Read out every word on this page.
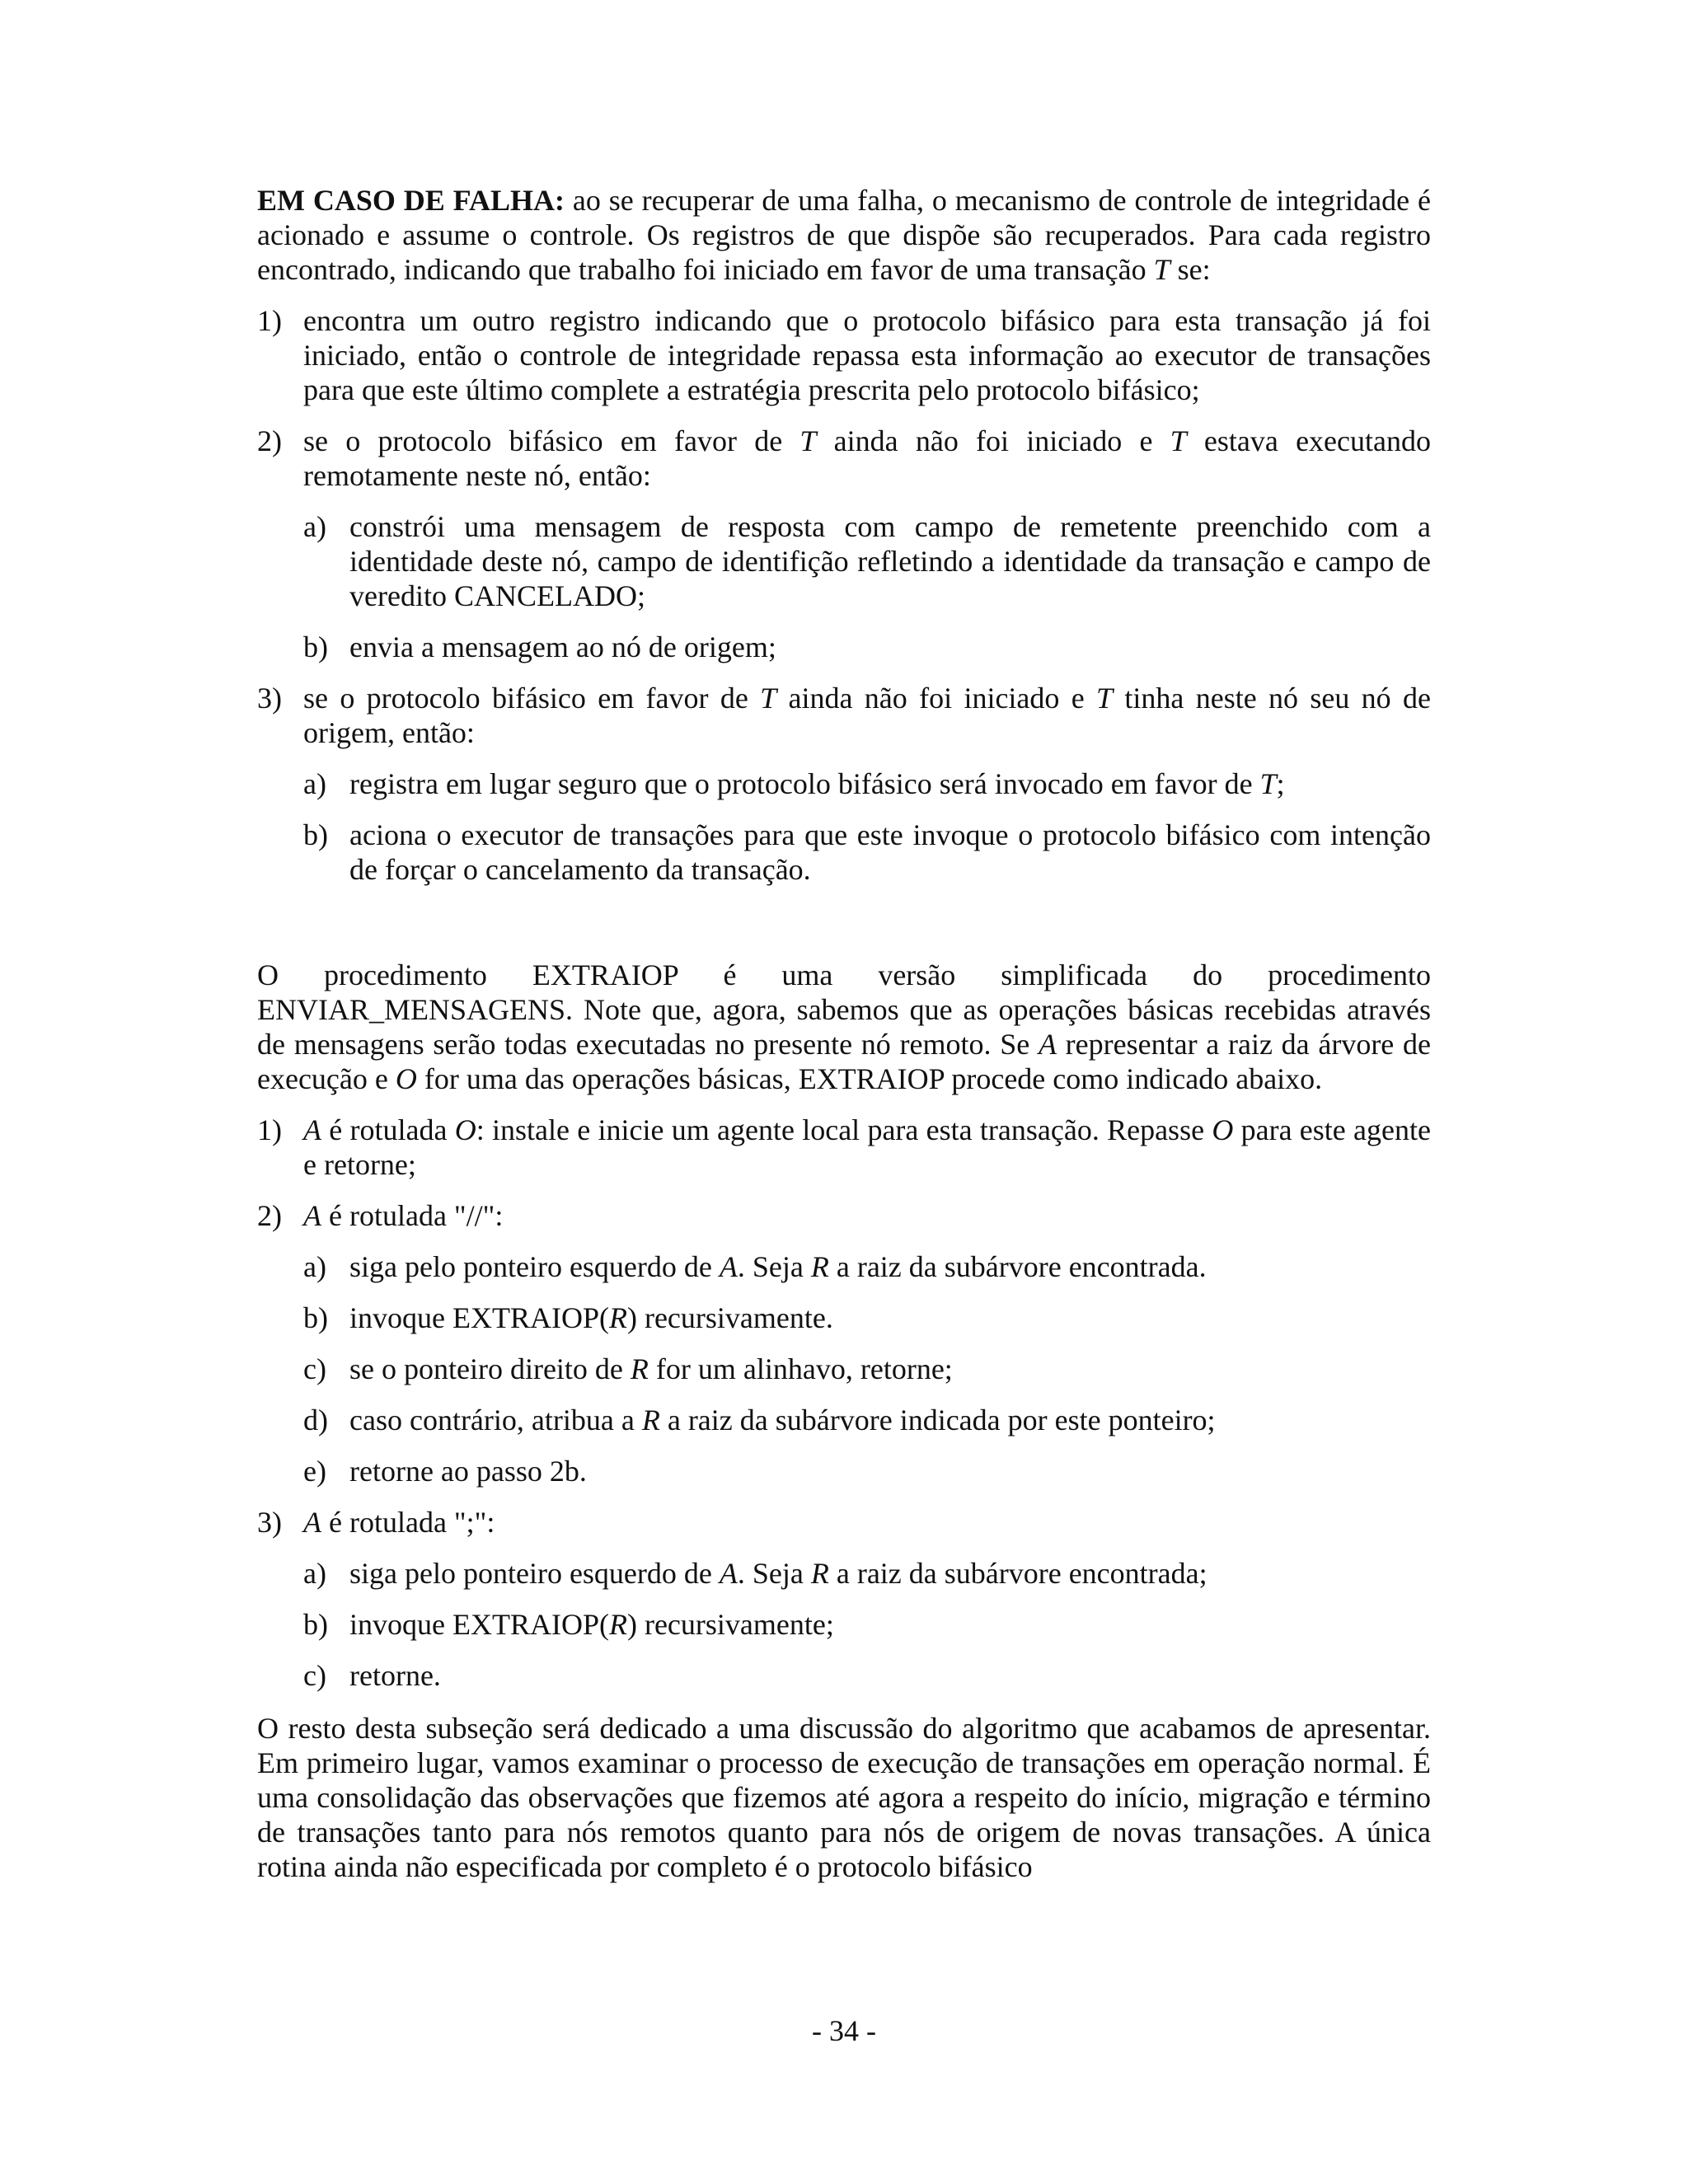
EM CASO DE FALHA: ao se recuperar de uma falha, o mecanismo de controle de integridade é acionado e assume o controle. Os registros de que dispõe são recuperados. Para cada registro encontrado, indicando que trabalho foi iniciado em favor de uma transação T se:

1) encontra um outro registro indicando que o protocolo bifásico para esta transação já foi iniciado, então o controle de integridade repassa esta informação ao executor de transações para que este último complete a estratégia prescrita pelo protocolo bifásico;
2) se o protocolo bifásico em favor de T ainda não foi iniciado e T estava executando remotamente neste nó, então:
a) constrói uma mensagem de resposta com campo de remetente preenchido com a identidade deste nó, campo de identifição refletindo a identidade da transação e campo de veredito CANCELADO;
b) envia a mensagem ao nó de origem;
3) se o protocolo bifásico em favor de T ainda não foi iniciado e T tinha neste nó seu nó de origem, então:
a) registra em lugar seguro que o protocolo bifásico será invocado em favor de T;
b) aciona o executor de transações para que este invoque o protocolo bifásico com intenção de forçar o cancelamento da transação.

O procedimento EXTRAIOP é uma versão simplificada do procedimento ENVIAR_MENSAGENS. Note que, agora, sabemos que as operações básicas recebidas através de mensagens serão todas executadas no presente nó remoto. Se A representar a raiz da árvore de execução e O for uma das operações básicas, EXTRAIOP procede como indicado abaixo.

1) A é rotulada O: instale e inicie um agente local para esta transação. Repasse O para este agente e retorne;
2) A é rotulada "//":
a) siga pelo ponteiro esquerdo de A. Seja R a raiz da subárvore encontrada.
b) invoque EXTRAIOP(R) recursivamente.
c) se o ponteiro direito de R for um alinhavo, retorne;
d) caso contrário, atribua a R a raiz da subárvore indicada por este ponteiro;
e) retorne ao passo 2b.
3) A é rotulada ";":
a) siga pelo ponteiro esquerdo de A. Seja R a raiz da subárvore encontrada;
b) invoque EXTRAIOP(R) recursivamente;
c) retorne.

O resto desta subseção será dedicado a uma discussão do algoritmo que acabamos de apresentar. Em primeiro lugar, vamos examinar o processo de execução de transações em operação normal. É uma consolidação das observações que fizemos até agora a respeito do início, migração e término de transações tanto para nós remotos quanto para nós de origem de novas transações. A única rotina ainda não especificada por completo é o protocolo bifásico

- 34 -
